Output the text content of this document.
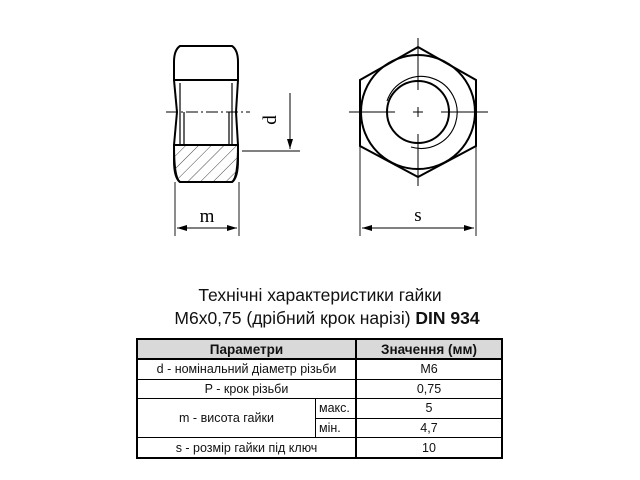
m
d
s
Технічні характеристики гайки
М6х0,75 (дрібний крок нарізі) DIN 934
Параметри		Значення (мм)
d - номінальний діаметр різьби		М6
P - крок різьби		0,75
m - висота гайки	макс.	5
	мін.	4,7
s - розмір гайки під ключ		10
